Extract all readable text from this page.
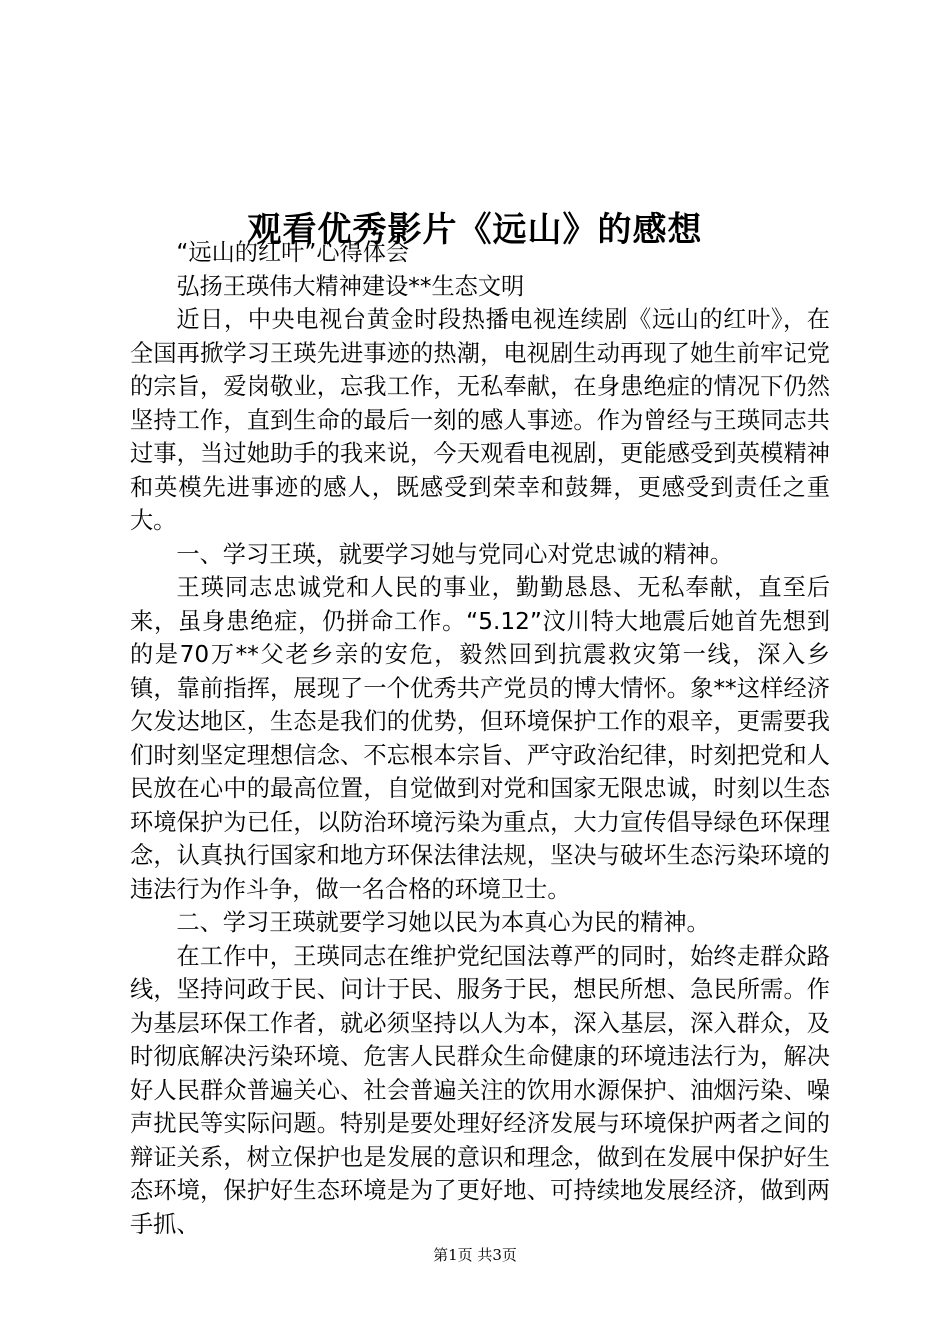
观看优秀影片《远山》的感想

“远山的红叶”心得体会

弘扬王瑛伟大精神建设**生态文明

近日，中央电视台黄金时段热播电视连续剧《远山的红叶》，在全国再掀学习王瑛先进事迹的热潮，电视剧生动再现了她生前牢记党的宗旨，爱岗敬业，忘我工作，无私奉献，在身患绝症的情况下仍然坚持工作，直到生命的最后一刻的感人事迹。作为曾经与王瑛同志共过事，当过她助手的我来说，今天观看电视剧，更能感受到英模精神和英模先进事迹的感人，既感受到荣幸和鼓舞，更感受到责任之重大。

一、学习王瑛，就要学习她与党同心对党忠诚的精神。

王瑛同志忠诚党和人民的事业，勤勤恳恳、无私奉献，直至后来，虽身患绝症，仍拼命工作。“5.12”汶川特大地震后她首先想到的是70万**父老乡亲的安危，毅然回到抗震救灾第一线，深入乡镇，靠前指挥，展现了一个优秀共产党员的博大情怀。象**这样经济欠发达地区，生态是我们的优势，但环境保护工作的艰辛，更需要我们时刻坚定理想信念、不忘根本宗旨、严守政治纪律，时刻把党和人民放在心中的最高位置，自觉做到对党和国家无限忠诚，时刻以生态环境保护为已任，以防治环境污染为重点，大力宣传倡导绿色环保理念，认真执行国家和地方环保法律法规，坚决与破坏生态污染环境的违法行为作斗争，做一名合格的环境卫士。

二、学习王瑛就要学习她以民为本真心为民的精神。

在工作中，王瑛同志在维护党纪国法尊严的同时，始终走群众路线，坚持问政于民、问计于民、服务于民，想民所想、急民所需。作为基层环保工作者，就必须坚持以人为本，深入基层，深入群众，及时彻底解决污染环境、危害人民群众生命健康的环境违法行为，解决好人民群众普遍关心、社会普遍关注的饮用水源保护、油烟污染、噪声扰民等实际问题。特别是要处理好经济发展与环境保护两者之间的辩证关系，树立保护也是发展的意识和理念，做到在发展中保护好生态环境，保护好生态环境是为了更好地、可持续地发展经济，做到两手抓、

第1页 共3页
